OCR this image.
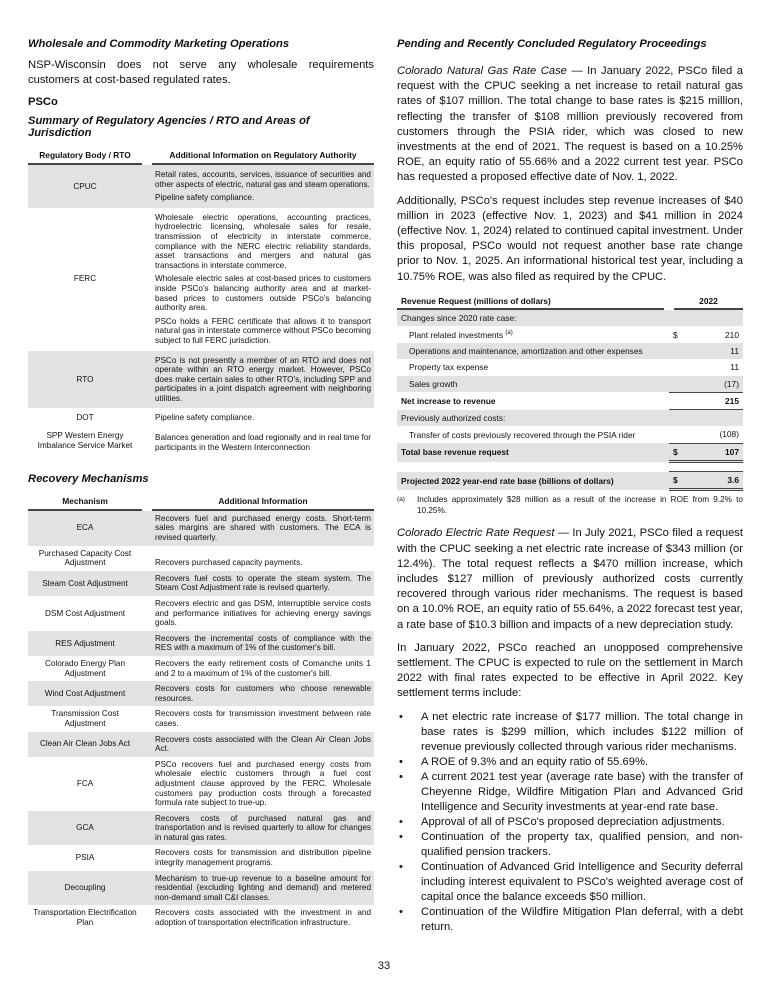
Wholesale and Commodity Marketing Operations

NSP-Wisconsin does not serve any wholesale requirements customers at cost-based regulated rates.

PSCo
Summary of Regulatory Agencies / RTO and Areas of Jurisdiction
Regulatory Body / RTO	Additional Information on Regulatory Authority
CPUC	Retail rates, accounts, services, issuance of securities and other aspects of electric, natural gas and steam operations.
Pipeline safety compliance.

FERC	Wholesale electric operations, accounting practices, hydroelectric licensing, wholesale sales for resale, transmission of electricity in interstate commerce, compliance with the NERC electric reliability standards, asset transactions and mergers and natural gas transactions in interstate commerce.
Wholesale electric sales at cost-based prices to customers inside PSCo's balancing authority area and at market-based prices to customers outside PSCo's balancing authority area.
PSCo holds a FERC certificate that allows it to transport natural gas in interstate commerce without PSCo becoming subject to full FERC jurisdiction.

RTO	PSCo is not presently a member of an RTO and does not operate within an RTO energy market. However, PSCo does make certain sales to other RTO's, including SPP and participates in a joint dispatch agreement with neighboring utilities.

DOT	Pipeline safety compliance.

SPP Western Energy Imbalance Service Market	Balances generation and load regionally and in real time for participants in the Western Interconnection
Recovery Mechanisms
Mechanism	Additional Information
ECA	Recovers fuel and purchased energy costs. Short-term sales margins are shared with customers. The ECA is revised quarterly.
Purchased Capacity Cost Adjustment	Recovers purchased capacity payments.
Steam Cost Adjustment	Recovers fuel costs to operate the steam system. The Steam Cost Adjustment rate is revised quarterly.
DSM Cost Adjustment	Recovers electric and gas DSM, interruptible service costs and performance initiatives for achieving energy savings goals.
RES Adjustment	Recovers the incremental costs of compliance with the RES with a maximum of 1% of the customer's bill.
Colorado Energy Plan Adjustment	Recovers the early retirement costs of Comanche units 1 and 2 to a maximum of 1% of the customer's bill.
Wind Cost Adjustment	Recovers costs for customers who choose renewable resources.
Transmission Cost Adjustment	Recovers costs for transmission investment between rate cases.
Clean Air Clean Jobs Act	Recovers costs associated with the Clean Air Clean Jobs Act.
FCA	PSCo recovers fuel and purchased energy costs from wholesale electric customers through a fuel cost adjustment clause approved by the FERC. Wholesale customers pay production costs through a forecasted formula rate subject to true-up.
GCA	Recovers costs of purchased natural gas and transportation and is revised quarterly to allow for changes in natural gas rates.
PSIA	Recovers costs for transmission and distribution pipeline integrity management programs.
Decoupling	Mechanism to true-up revenue to a baseline amount for residential (excluding lighting and demand) and metered non-demand small C&I classes.
Transportation Electrification Plan	Recovers costs associated with the investment in and adoption of transportation electrification infrastructure.
Pending and Recently Concluded Regulatory Proceedings

Colorado Natural Gas Rate Case — In January 2022, PSCo filed a request with the CPUC seeking a net increase to retail natural gas rates of $107 million. The total change to base rates is $215 million, reflecting the transfer of $108 million previously recovered from customers through the PSIA rider, which was closed to new investments at the end of 2021. The request is based on a 10.25% ROE, an equity ratio of 55.66% and a 2022 current test year. PSCo has requested a proposed effective date of Nov. 1, 2022.

Additionally, PSCo's request includes step revenue increases of $40 million in 2023 (effective Nov. 1, 2023) and $41 million in 2024 (effective Nov. 1, 2024) related to continued capital investment. Under this proposal, PSCo would not request another base rate change prior to Nov. 1, 2025. An informational historical test year, including a 10.75% ROE, was also filed as required by the CPUC.

Revenue Request (millions of dollars)	2022	
Changes since 2020 rate case:		
Plant related investments $^{(a)}$	$	210
Operations and maintenance, amortization and other expenses		11
Property tax expense		11
Sales growth		(17)
Net increase to revenue		215
Previously authorized costs:		
Transfer of costs previously recovered through the PSIA rider		(108)
Total base revenue request	$	107

Projected 2022 year-end rate base (billions of dollars)	$	3.6
(a)	Includes approximately $28 million as a result of the increase in ROE from 9.2% to 10.25%.

Colorado Electric Rate Request — In July 2021, PSCo filed a request with the CPUC seeking a net electric rate increase of $343 million (or 12.4%). The total request reflects a $470 million increase, which includes $127 million of previously authorized costs currently recovered through various rider mechanisms. The request is based on a 10.0% ROE, an equity ratio of 55.64%, a 2022 forecast test year, a rate base of $10.3 billion and impacts of a new depreciation study.

In January 2022, PSCo reached an unopposed comprehensive settlement. The CPUC is expected to rule on the settlement in March 2022 with final rates expected to be effective in April 2022. Key settlement terms include:

•	A net electric rate increase of $177 million. The total change in base rates is $299 million, which includes $122 million of revenue previously collected through various rider mechanisms.
•	A ROE of 9.3% and an equity ratio of 55.69%.
•	A current 2021 test year (average rate base) with the transfer of Cheyenne Ridge, Wildfire Mitigation Plan and Advanced Grid Intelligence and Security investments at year-end rate base.
•	Approval of all of PSCo's proposed depreciation adjustments.
•	Continuation of the property tax, qualified pension, and non-qualified pension trackers.
•	Continuation of Advanced Grid Intelligence and Security deferral including interest equivalent to PSCo's weighted average cost of capital once the balance exceeds $50 million.
•	Continuation of the Wildfire Mitigation Plan deferral, with a debt return.
33
